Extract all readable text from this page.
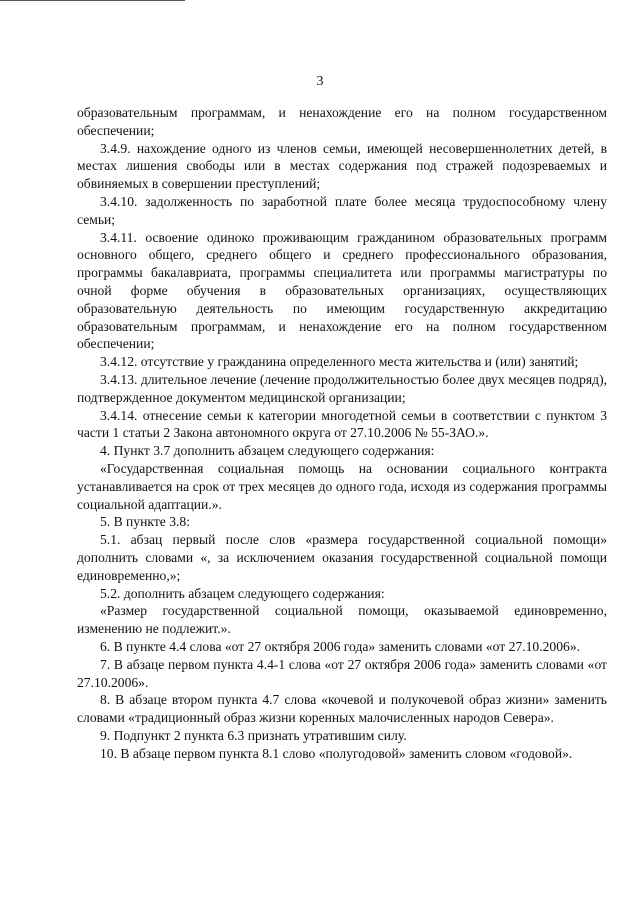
3

образовательным программам, и ненахождение его на полном государственном обеспечении;

3.4.9. нахождение одного из членов семьи, имеющей несовершеннолетних детей, в местах лишения свободы или в местах содержания под стражей подозреваемых и обвиняемых в совершении преступлений;

3.4.10. задолженность по заработной плате более месяца трудоспособному члену семьи;

3.4.11. освоение одиноко проживающим гражданином образовательных программ основного общего, среднего общего и среднего профессионального образования, программы бакалавриата, программы специалитета или программы магистратуры по очной форме обучения в образовательных организациях, осуществляющих образовательную деятельность по имеющим государственную аккредитацию образовательным программам, и ненахождение его на полном государственном обеспечении;

3.4.12. отсутствие у гражданина определенного места жительства и (или) занятий;

3.4.13. длительное лечение (лечение продолжительностью более двух месяцев подряд), подтвержденное документом медицинской организации;

3.4.14. отнесение семьи к категории многодетной семьи в соответствии с пунктом 3 части 1 статьи 2 Закона автономного округа от 27.10.2006 № 55-ЗАО.».

4. Пункт 3.7 дополнить абзацем следующего содержания:

«Государственная социальная помощь на основании социального контракта устанавливается на срок от трех месяцев до одного года, исходя из содержания программы социальной адаптации.».

5. В пункте 3.8:

5.1. абзац первый после слов «размера государственной социальной помощи» дополнить словами «, за исключением оказания государственной социальной помощи единовременно,»;

5.2. дополнить абзацем следующего содержания:

«Размер государственной социальной помощи, оказываемой единовременно, изменению не подлежит.».

6. В пункте 4.4 слова «от 27 октября 2006 года» заменить словами «от 27.10.2006».

7. В абзаце первом пункта 4.4-1 слова «от 27 октября 2006 года» заменить словами «от 27.10.2006».

8. В абзаце втором пункта 4.7 слова «кочевой и полукочевой образ жизни» заменить словами «традиционный образ жизни коренных малочисленных народов Севера».

9. Подпункт 2 пункта 6.3 признать утратившим силу.

10. В абзаце первом пункта 8.1 слово «полугодовой» заменить словом «годовой».
